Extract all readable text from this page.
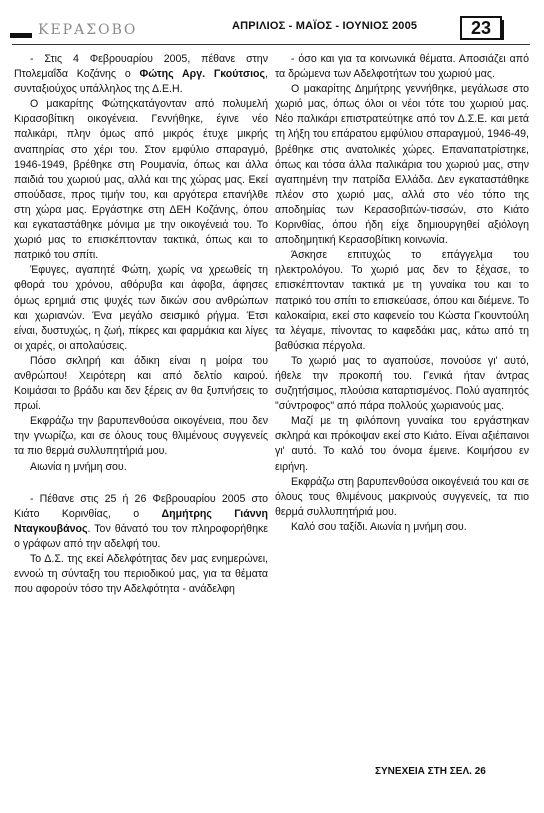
ΚΕΡΑΣΟΒΟ	ΑΠΡΙΛΙΟΣ - ΜΑΪΟΣ - ΙΟΥΝΙΟΣ 2005	23

- Στις 4 Φεβρουαρίου 2005, πέθανε στην Πτολεμαΐδα Κοζάνης ο Φώτης Αργ. Γκούτσιος, συνταξιούχος υπάλληλος της Δ.Ε.Η.

Ο μακαρίτης Φώτηςκατάγονταν από πολυμελή Κιρασοβίτικη οικογένεια. Γεννήθηκε, έγινε νέο παλικάρι, πλην όμως από μικρός έτυχε μικρής αναπηρίας στο χέρι του. Στον εμφύλιο σπαραγμό, 1946-1949, βρέθηκε στη Ρουμανία, όπως και άλλα παιδιά του χωριού μας, αλλά και της χώρας μας. Εκεί σπούδασε, προς τιμήν του, και αργότερα επανήλθε στη χώρα μας. Εργάστηκε στη ΔΕΗ Κοζάνης, όπου και εγκαταστάθηκε μόνιμα με την οικογένειά του. Το χωριό μας το επισκέπτονταν τακτικά, όπως και το πατρικό του σπίτι.

Έφυγες, αγαπητέ Φώτη, χωρίς να χρεωθείς τη φθορά του χρόνου, αθόρυβα και άφοβα, άφησες όμως ερημιά στις ψυχές των δικών σου ανθρώπων και χωριανών. Ένα μεγάλο σεισμικό ρήγμα. Έτσι είναι, δυστυχώς, η ζωή, πίκρες και φαρμάκια και λίγες οι χαρές, οι απολαύσεις.

Πόσο σκληρή και άδικη είναι η μοίρα του ανθρώπου! Χειρότερη και από δελτίο καιρού. Κοιμάσαι το βράδυ και δεν ξέρεις αν θα ξυπνήσεις το πρωί.

Εκφράζω την βαρυπενθούσα οικογένεια, που δεν την γνωρίζω, και σε όλους τους θλιμένους συγγενείς τα πιο θερμά συλλυπητήριά μου.

Αιωνία η μνήμη σου.

- Πέθανε στις 25 ή 26 Φεβρουαρίου 2005 στο Κιάτο Κορινθίας, ο Δημήτρης Γιάννη Νταγκουβάνος. Τον θάνατό του τον πληροφορήθηκε ο γράφων από την αδελφή του.

Το Δ.Σ. της εκεί Αδελφότητας δεν μας ενημερώνει, εννοώ τη σύνταξη του περιοδικού μας, για τα θέματα που αφορούν τόσο την Αδελφότητα - ανάδελφη

- όσο και για τα κοινωνικά θέματα. Αποσιάζει από τα δρώμενα των Αδελφοτήτων του χωριού μας.

Ο μακαρίτης Δημήτρης γεννήθηκε, μεγάλωσε στο χωριό μας, όπως όλοι οι νέοι τότε του χωριού μας. Νέο παλικάρι επιστρατεύτηκε από τον Δ.Σ.Ε. και μετά τη λήξη του επάρατου εμφύλιου σπαραγμού, 1946-49, βρέθηκε στις ανατολικές χώρες. Επαναπατρίστηκε, όπως και τόσα άλλα παλικάρια του χωριού μας, στην αγαπημένη την πατρίδα Ελλάδα. Δεν εγκαταστάθηκε πλέον στο χωριό μας, αλλά στο νέο τόπο της αποδημίας των Κερασοβιτών-τισσών, στο Κιάτο Κορινθίας, όπου ήδη είχε δημιουργηθεί αξιόλογη αποδημητική Κερασοβίτικη κοινωνία.

Άσκησε επιτυχώς το επάγγελμα του ηλεκτρολόγου. Το χωριό μας δεν το ξέχασε, το επισκέπτονταν τακτικά με τη γυναίκα του και το πατρικό του σπίτι το επισκεύασε, όπου και διέμενε. Το καλοκαίρια, εκεί στο καφενείο του Κώστα Γκουντούλη τα λέγαμε, πίνοντας το καφεδάκι μας, κάτω από τη βαθύσκια πέργολα.

Το χωριό μας το αγαπούσε, πονούσε γι' αυτό, ήθελε την προκοπή του. Γενικά ήταν άντρας συζητήσιμος, πλούσια καταρτισμένος. Πολύ αγαπητός "σύντροφος" από πάρα πολλούς χωριανούς μας.

Μαζί με τη φιλόπονη γυναίκα του εργάστηκαν σκληρά και πρόκοψαν εκεί στο Κιάτο. Είναι αξιέπαινοι γι' αυτό. Το καλό του όνομα έμεινε. Κοιμήσου εν ειρήνη.

Εκφράζω στη βαρυπενθούσα οικογένειά του και σε όλους τους θλιμένους μακρινούς συγγενείς, τα πιο θερμά συλλυπητήριά μου.

Καλό σου ταξίδι. Αιωνία η μνήμη σου.

ΣΥΝΕΧΕΙΑ ΣΤΗ ΣΕΛ. 26
